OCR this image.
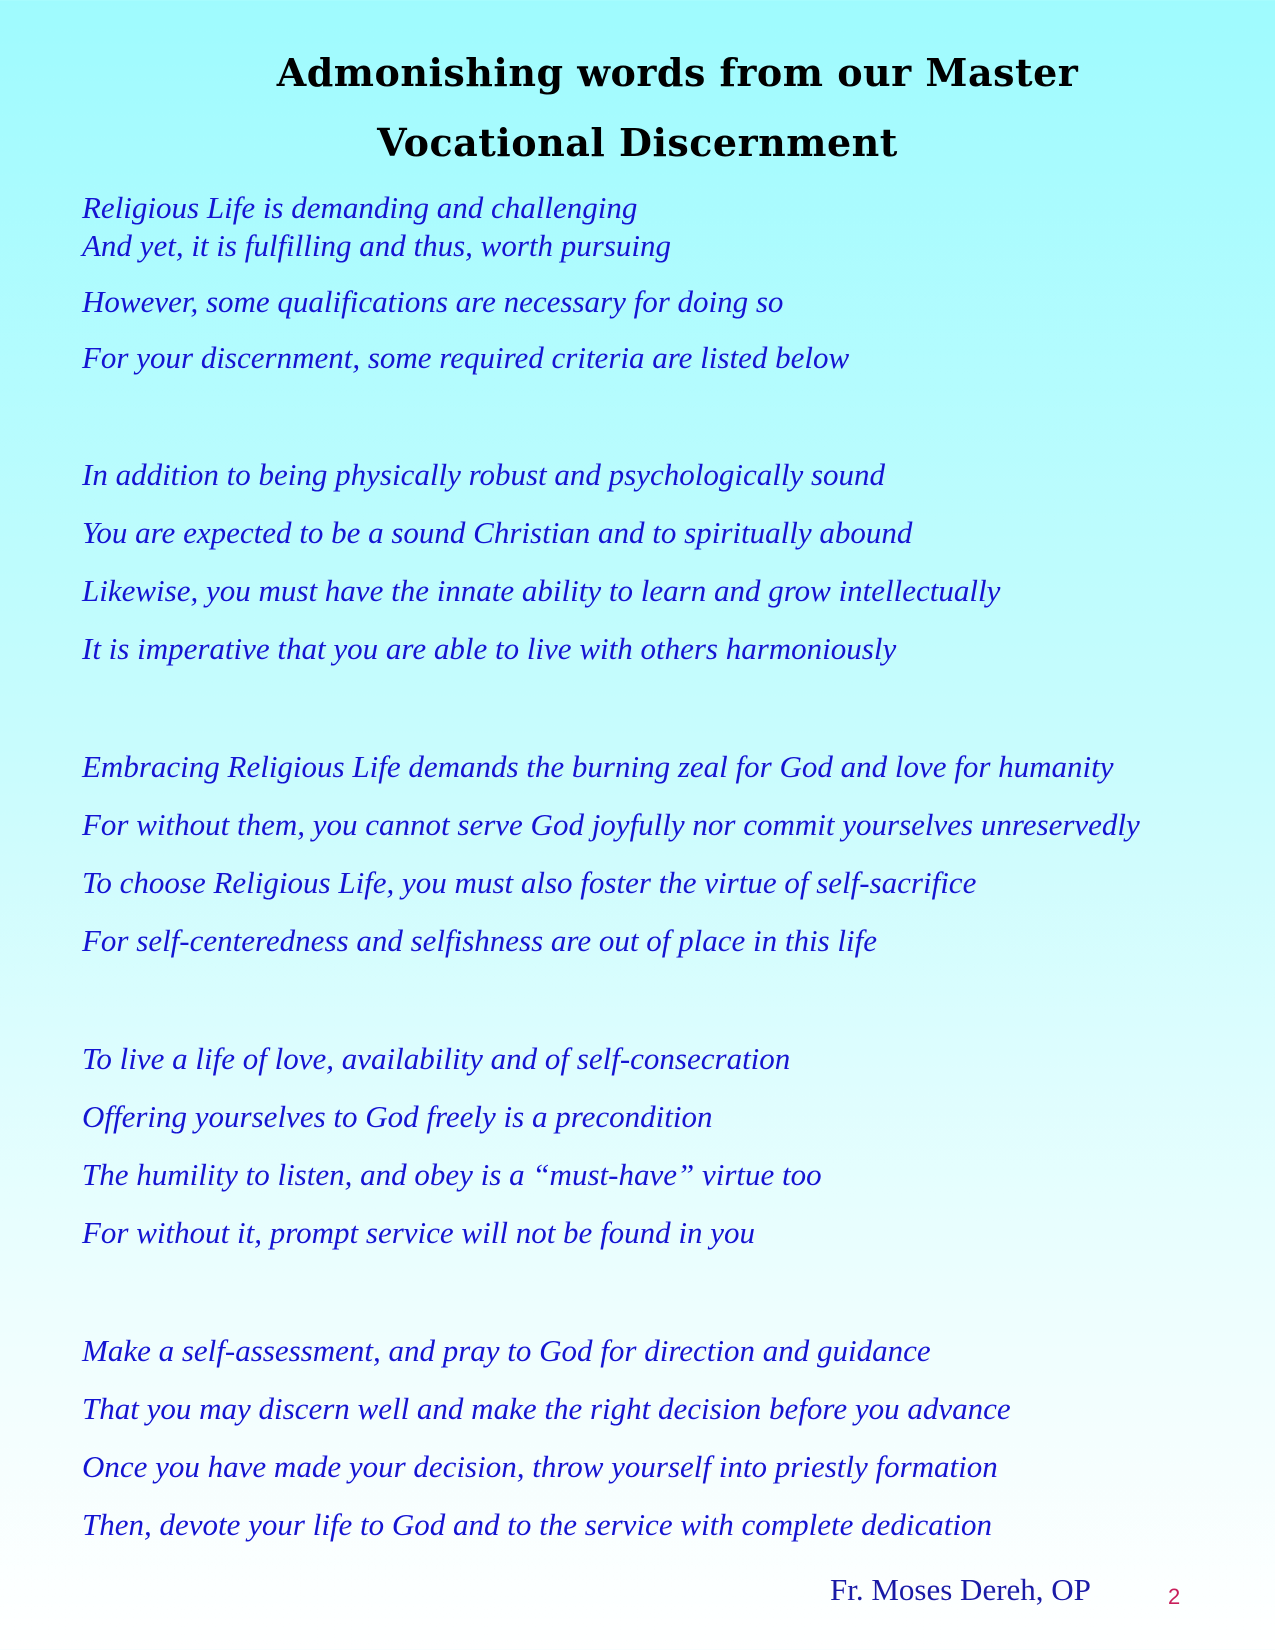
Admonishing words from our Master
Vocational Discernment
Religious Life is demanding and challenging
And yet, it is fulfilling and thus, worth pursuing
However, some qualifications are necessary for doing so
For your discernment, some required criteria are listed below
In addition to being physically robust and psychologically sound
You are expected to be a sound Christian and to spiritually abound
Likewise, you must have the innate ability to learn and grow intellectually
It is imperative that you are able to live with others harmoniously
Embracing Religious Life demands the burning zeal for God and love for humanity
For without them, you cannot serve God joyfully nor commit yourselves unreservedly
To choose Religious Life, you must also foster the virtue of self-sacrifice
For self-centeredness and selfishness are out of place in this life
To live a life of love, availability and of self-consecration
Offering yourselves to God freely is a precondition
The humility to listen, and obey is a “must-have” virtue too
For without it, prompt service will not be found in you
Make a self-assessment, and pray to God for direction and guidance
That you may discern well and make the right decision before you advance
Once you have made your decision, throw yourself into priestly formation
Then, devote your life to God and to the service with complete dedication
Fr. Moses Dereh, OP	2
